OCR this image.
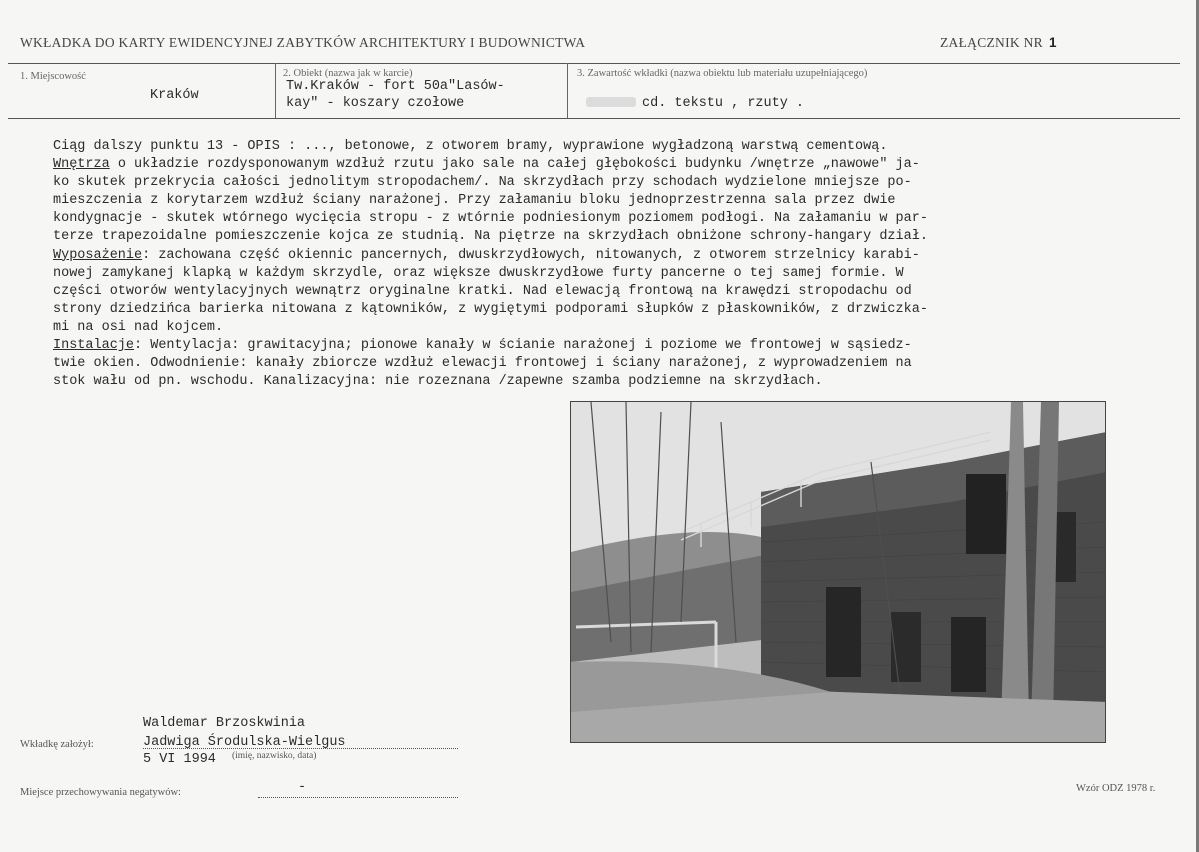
WKŁADKA DO KARTY EWIDENCYJNEJ ZABYTKÓW ARCHITEKTURY I BUDOWNICTWA	ZAŁĄCZNIK NR 1
1. Miejscowość
Kraków
2. Obiekt (nazwa jak w karcie)
Tw.Kraków - fort 50a"Lasów-
kay" - koszary czołowe
3. Zawartość wkładki (nazwa obiektu lub materiału uzupełniającego)
cd. tekstu , rzuty .
Ciąg dalszy punktu 13 - OPIS : ..., betonowe, z otworem bramy, wyprawione wygładzoną warstwą cementową.
Wnętrza o układzie rozdysponowanym wzdłuż rzutu jako sale na całej głębokości budynku /wnętrze „nawowe" ja-
ko skutek przekrycia całości jednolitym stropodachem/. Na skrzydłach przy schodach wydzielone mniejsze po-
mieszczenia z korytarzem wzdłuż ściany narażonej. Przy załamaniu bloku jednoprzestrzenna sala przez dwie
kondygnacje - skutek wtórnego wycięcia stropu - z wtórnie podniesionym poziomem podłogi. Na załamaniu w par-
terze trapezoidalne pomieszczenie kojca ze studnią. Na piętrze na skrzydłach obniżone schrony-hangary dział.
Wyposażenie: zachowana część okiennic pancernych, dwuskrzydłowych, nitowanych, z otworem strzelnicy karabi-
nowej zamykanej klapką w każdym skrzydle, oraz większe dwuskrzydłowe furty pancerne o tej samej formie. W
części otworów wentylacyjnych wewnątrz oryginalne kratki. Nad elewacją frontową na krawędzi stropodachu od
strony dziedzińca barierka nitowana z kątowników, z wygiętymi podporami słupków z płaskowników, z drzwiczka-
mi na osi nad kojcem.
Instalacje: Wentylacja: grawitacyjna; pionowe kanały w ścianie narażonej i poziome we frontowej w sąsiedz-
twie okien. Odwodnienie: kanały zbiorcze wzdłuż elewacji frontowej i ściany narażonej, z wyprowadzeniem na
stok wału od pn. wschodu. Kanalizacyjna: nie rozeznana /zapewne szamba podziemne na skrzydłach.
Waldemar Brzoskwinia
Wkładkę założył:	Jadwiga Środulska-Wielgus
5 VI 1994 (imię, nazwisko, data)
Miejsce przechowywania negatywów:	-	Wzór ODZ 1978 r.
